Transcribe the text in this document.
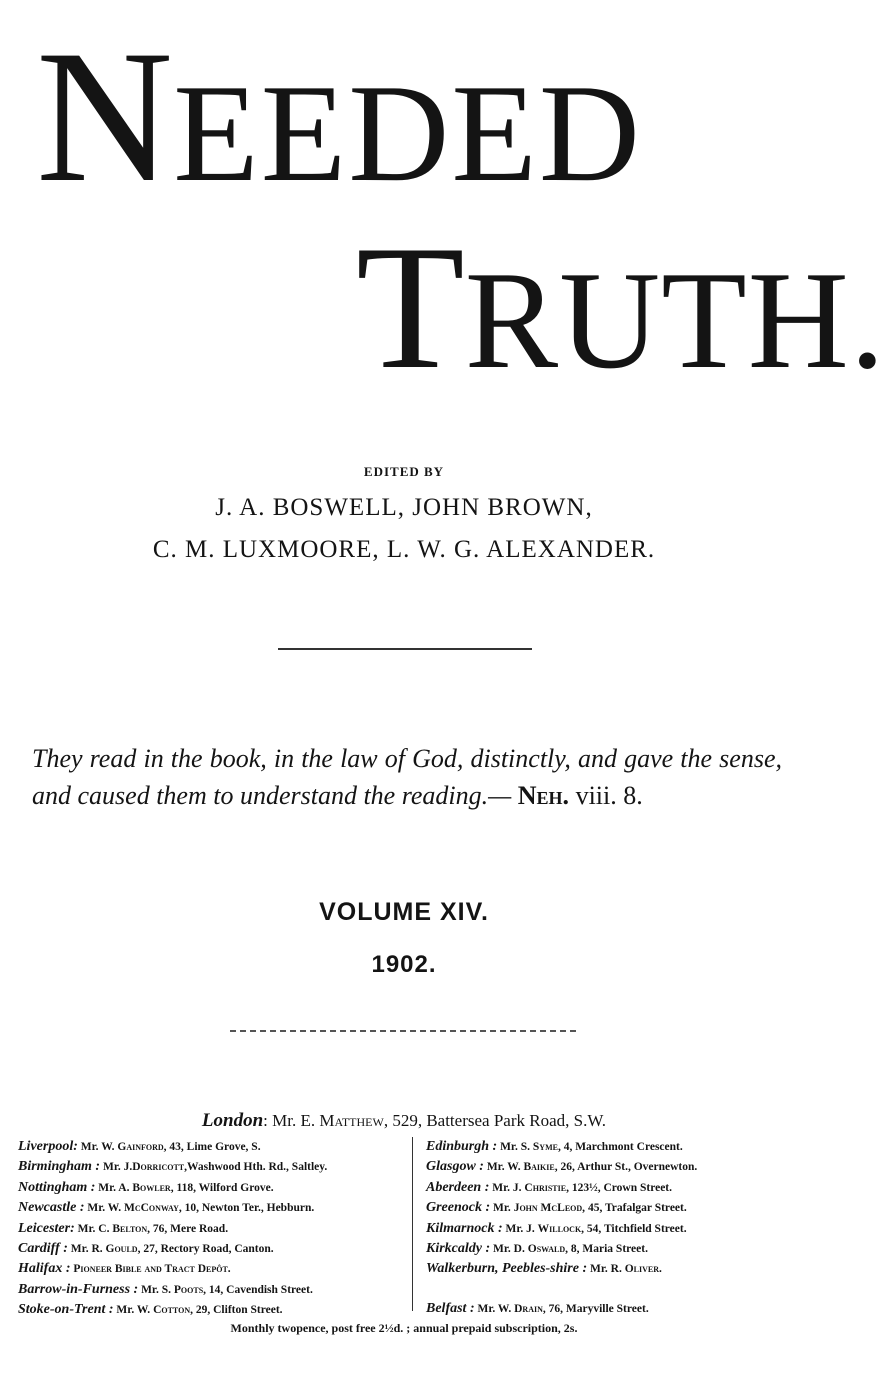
NEEDED
TRUTH.
EDITED BY
J. A. BOSWELL, JOHN BROWN,
C. M. LUXMOORE, L. W. G. ALEXANDER.
They read in the book, in the law of God, distinctly, and gave the sense, and caused them to understand the reading.— Neh. viii. 8.
VOLUME XIV.
1902.
London: Mr. E. Matthew, 529, Battersea Park Road, S.W.
Liverpool: Mr. W. Gainford, 43, Lime Grove, S.
Birmingham : Mr. J.Dorricott,Washwood Hth. Rd., Saltley.
Nottingham : Mr. A. Bowler, 118, Wilford Grove.
Newcastle : Mr. W. McConway, 10, Newton Ter., Hebburn.
Leicester: Mr. C. Belton, 76, Mere Road.
Cardiff : Mr. R. Gould, 27, Rectory Road, Canton.
Halifax : Pioneer Bible and Tract Depôt.
Barrow-in-Furness : Mr. S. Poots, 14, Cavendish Street.
Stoke-on-Trent : Mr. W. Cotton, 29, Clifton Street.
Edinburgh : Mr. S. Syme, 4, Marchmont Crescent.
Glasgow : Mr. W. Baikie, 26, Arthur St., Overnewton.
Aberdeen : Mr. J. Christie, 123½, Crown Street.
Greenock : Mr. John McLeod, 45, Trafalgar Street.
Kilmarnock : Mr. J. Willock, 54, Titchfield Street.
Kirkcaldy : Mr. D. Oswald, 8, Maria Street.
Walkerburn, Peebles-shire : Mr. R. Oliver.
Belfast : Mr. W. Drain, 76, Maryville Street.
Monthly twopence, post free 2½d. ; annual prepaid subscription, 2s.
